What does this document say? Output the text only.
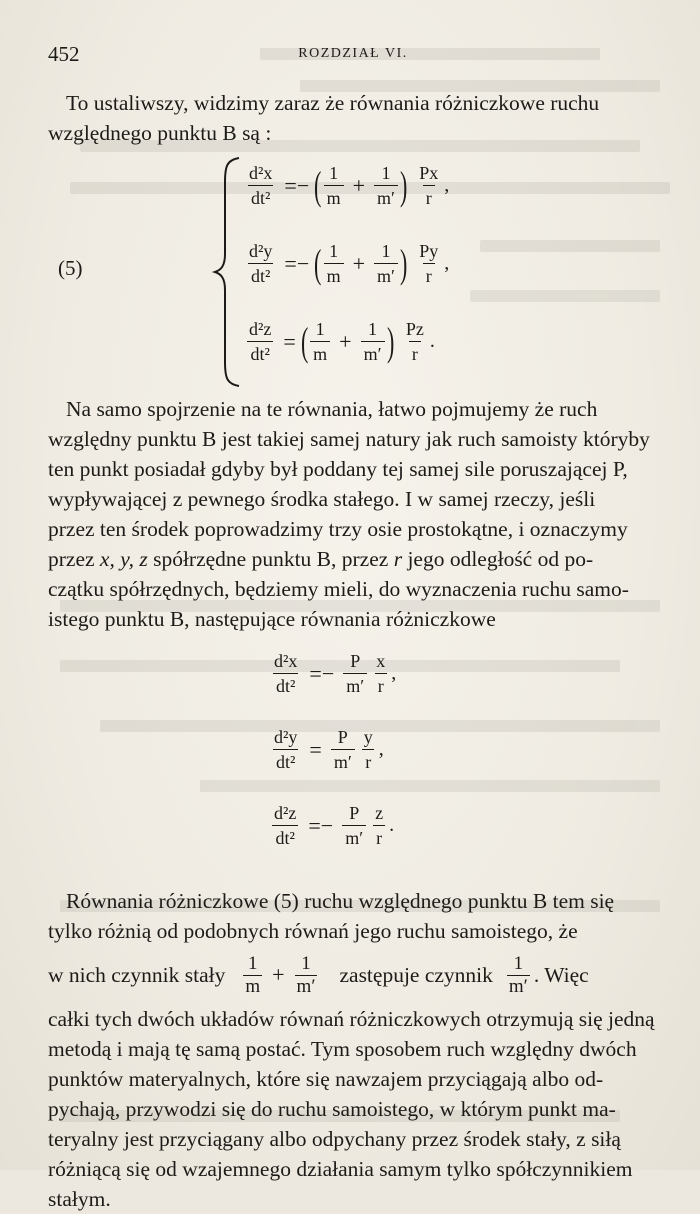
452	ROZDZIAŁ VI.

To ustaliwszy, widzimy zaraz że równania różniczkowe ruchu

względnego punktu B są :

(5)
$\frac{\text{d²x}}{\text{dt²}}$ =− ( $\frac{1}{m} + \frac{1}{m'}$ ) $\frac{Px}{r}$ ,
$\frac{\text{d²y}}{\text{dt²}}$ =− ( $\frac{1}{m} + \frac{1}{m'}$ ) $\frac{Py}{r}$ ,
$\frac{\text{d²z}}{\text{dt²}}$ = ( $\frac{1}{m} + \frac{1}{m'}$ ) $\frac{Pz}{r}$ .

Na samo spojrzenie na te równania, łatwo pojmujemy że ruch

względny punktu B jest takiej samej natury jak ruch samoisty któryby

ten punkt posiadał gdyby był poddany tej samej sile poruszającej P,

wypływającej z pewnego środka stałego. I w samej rzeczy, jeśli

przez ten środek poprowadzimy trzy osie prostokątne, i oznaczymy

przez x, y, z spółrzędne punktu B, przez r jego odległość od po-

czątku spółrzędnych, będziemy mieli, do wyznaczenia ruchu samo-

istego punktu B, następujące równania różniczkowe

$\frac{\text{d²x}}{\text{dt²}} =- \frac{P}{m'} \frac{x}{r}$ ,
$\frac{\text{d²y}}{\text{dt²}} = \frac{P}{m'} \frac{y}{r}$ ,
$\frac{\text{d²z}}{\text{dt²}} =- \frac{P}{m'} \frac{z}{r}$ .

Równania różniczkowe (5) ruchu względnego punktu B tem się

tylko różnią od podobnych równań jego ruchu samoistego, że

w nich czynnik stały $\frac{1}{m} + \frac{1}{m'}$ zastępuje czynnik $\frac{1}{m'}$ . Więc

całki tych dwóch układów równań różniczkowych otrzymują się jedną

metodą i mają tę samą postać. Tym sposobem ruch względny dwóch

punktów materyalnych, które się nawzajem przyciągają albo od-

pychają, przywodzi się do ruchu samoistego, w którym punkt ma-

teryalny jest przyciągany albo odpychany przez środek stały, z siłą

różniącą się od wzajemnego działania samym tylko spółczynnikiem

stałym.
